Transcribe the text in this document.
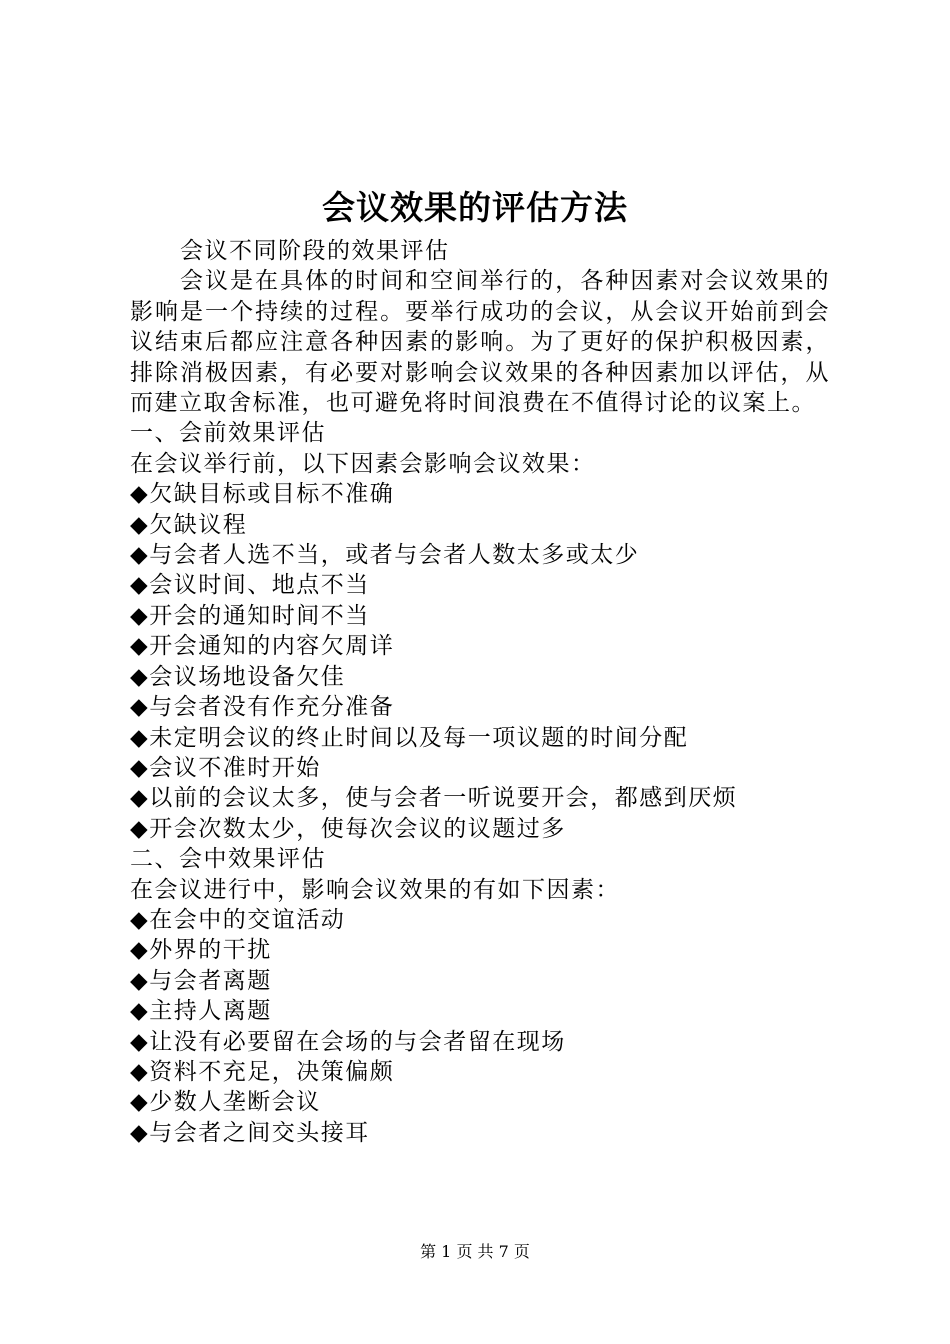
会议效果的评估方法

会议不同阶段的效果评估

会议是在具体的时间和空间举行的，各种因素对会议效果的影响是一个持续的过程。要举行成功的会议，从会议开始前到会议结束后都应注意各种因素的影响。为了更好的保护积极因素，排除消极因素，有必要对影响会议效果的各种因素加以评估，从而建立取舍标准，也可避免将时间浪费在不值得讨论的议案上。

一、会前效果评估

在会议举行前，以下因素会影响会议效果：

◆欠缺目标或目标不准确

◆欠缺议程

◆与会者人选不当，或者与会者人数太多或太少

◆会议时间、地点不当

◆开会的通知时间不当

◆开会通知的内容欠周详

◆会议场地设备欠佳

◆与会者没有作充分准备

◆未定明会议的终止时间以及每一项议题的时间分配

◆会议不准时开始

◆以前的会议太多，使与会者一听说要开会，都感到厌烦

◆开会次数太少，使每次会议的议题过多

二、会中效果评估

在会议进行中，影响会议效果的有如下因素：

◆在会中的交谊活动

◆外界的干扰

◆与会者离题

◆主持人离题

◆让没有必要留在会场的与会者留在现场

◆资料不充足，决策偏颇

◆少数人垄断会议

◆与会者之间交头接耳

第 1 页 共 7 页
